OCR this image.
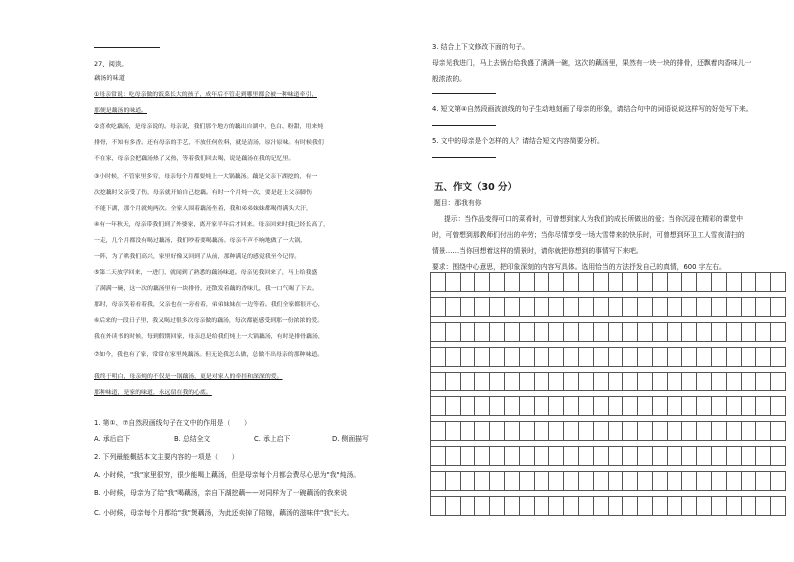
27、阅读。
藕汤的味道
①母亲常说：吃母亲做的饭菜长大的孩子，成年后不管走到哪里都会被一种味道牵引，
那便是藕汤的味道。
②喜欢吃藕汤，是母亲说的。母亲说，我们那个地方的藕出自湖中，色白、粉甜，用来炖
排骨，不知有多香。还有母亲的手艺，不放任何佐料，就是清汤，原汁原味。有时候我们
不在家，母亲会把藕汤热了又热，等着我们回去喝，说是藕汤在我的记忆里。
③小时候，不管家里多穷，母亲每个月都要炖上一大锅藕汤。藕是父亲下湖挖的，有一
次挖藕时父亲受了伤，母亲就开始自己挖藕。有时一个月炖一次，要是赶上父亲脚伤
不能下湖，那个月就炖两次。全家人围着藕汤坐着，我和弟弟妹妹都喝得满头大汗，
④有一年秋天，母亲带我们到了外婆家，离开家半年后才回来。母亲回来时我已经长高了，
一走，几个月都没有喝过藕汤，我们吵着要喝藕汤。母亲不声不响地做了一大锅，
一阵，为了哄我们高兴，家里好像又回到了从前，那种满足的感觉我至今记得。
⑤第二天放学回来，一进门，就闻到了熟悉的藕汤味道。母亲见我回来了，马上给我盛
了满满一碗，这一次的藕汤里有一块排骨，还散发着藕的香味儿，我一口气喝了下去。
那时，母亲笑着看着我，父亲也在一旁看着，弟弟妹妹在一边等着。我们全家都很开心，
⑥后来的一段日子里，我又喝过很多次母亲做的藕汤，每次都能感受到那一份浓浓的爱。
我在外读书的时候，每到假期回家，母亲总是给我们炖上一大锅藕汤，有时是排骨藕汤，
⑦如今，我也有了家，常常在家里炖藕汤。但无论我怎么做，总做不出母亲的那种味道。
我终于明白，母亲炖的不仅是一锅藕汤，更是对家人的牵挂和深深的爱。
那种味道，是家的味道，永远留在我的心底。
1. 第①、⑦自然段画线句子在文中的作用是（　　）
A. 承后启下	B. 总结全文	C. 承上启下	D. 侧面描写
2. 下列最能概括本文主要内容的一项是（　　）
A. 小时候，"我"家里很穷，很少能喝上藕汤，但是母亲每个月都会费尽心思为"我"炖汤。
B. 小时候，母亲为了给"我"喝藕汤，亲自下湖挖藕——对同样为了一碗藕汤的我来说
C. 小时候，母亲每个月都给"我"煲藕汤，为此还卖掉了陪嫁，藕汤的滋味伴"我"长大。
3. 结合上下文修改下面的句子。
母亲见我进门，马上去锅台给我盛了满满一碗，这次的藕汤里，果然有一块一块的排骨，还飘着肉香味儿一
般浓浓的。
4. 短文第④自然段画波浪线的句子生动地刻画了母亲的形象，请结合句中的词语说说这样写的好处写下来。
5. 文中的母亲是个怎样的人？请结合短文内容简要分析。
五、作文（30 分）
题目：那我有你
提示：当作品变得可口的菜肴时，可曾想到家人为我们的成长所做出的爱；当你沉浸在精彩的课堂中
时，可曾想到那教师们付出的辛劳；当你尽情享受一场大雪带来的快乐时，可曾想到环卫工人雪夜清扫的
情景……当你回想着这样的情景时，请你就把你想到的事情写下来吧。
要求：围绕中心意思，把印象深刻的内容写具体。选用恰当的方法抒发自己的真情，600 字左右。
